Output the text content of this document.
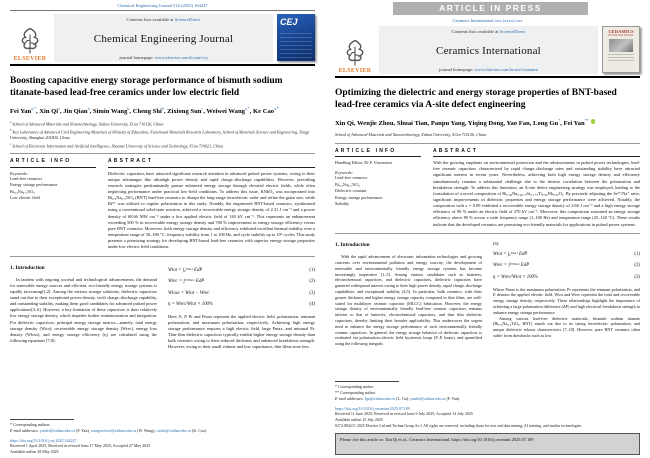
Chemical Engineering Journal 516 (2025) 164247
ELSEVIER
Contents lists available at ScienceDirect
Chemical Engineering Journal
journal homepage: www.elsevier.com/locate/cej
CEJ
Boosting capacitive energy storage performance of bismuth sodium titanate-based lead-free ceramics under low electric field
Fei Yan$^{a,*}$, Xin Qi$^a$, Jin Qian$^b$, Simin Wang$^b$, Cheng Shi$^b$, Zixiong Sun$^c$, Weiwei Wang$^{a,*}$, Ke Cao$^{a,*}$
$^a$ School of Advanced Materials and Nanotechnology, Xidian University, Xi'an 710126, China
$^b$ Key Laboratory of Advanced Civil Engineering Materials of Ministry of Education, Functional Materials Research Laboratory, School of Materials Science and Engineering, Tongji University, Shanghai 201804, China
$^c$ School of Electronic Information and Artificial Intelligence, Shaanxi University of Science and Technology, Xi'an 710021, China
ARTICLE INFO
Keywords:
Lead-free ceramics
Energy storage performance
Bi₀.₅Na₀.₅TiO₃
Low electric field
ABSTRACT
Dielectric capacitors have attracted significant research attention in advanced pulsed power systems, owing to their unique advantages like ultrahigh power density and rapid charge–discharge capabilities. However, prevailing research strategies predominantly pursue enhanced energy storage through elevated electric fields, while often neglecting performance under practical low-field conditions. To address this issue, KNbO₃ was incorporated into Bi₀.₅Na₀.₅TiO₃ (BNT) lead-free ceramics to disrupt the long-range ferroelectric order and refine the grain size, while Bi³⁺ was utilized to regular polarization in this study. Notably, the engineered BNT-based ceramics, synthesized using a conventional solid-state reaction, achieved a recoverable energy storage density of 2.31 J cm⁻³ and a power density of 68.66 MW cm⁻³ under a low applied electric field of 140 kV cm⁻¹. This represents an enhancement exceeding 500 % in recoverable energy storage density and 700 % improvement in energy storage efficiency versus pure BNT ceramics. Moreover, both energy storage density and efficiency exhibited excellent thermal stability over a temperature range of 30–180 °C, frequency stability from 1 to 100 Hz, and cycle stability up to 10⁵ cycles. This study presents a promising strategy for developing BNT-based lead-free ceramics with superior energy storage properties under low electric field conditions.
1. Introduction
In tandem with ongoing societal and technological advancements, the demand for renewable energy sources and efficient, eco-friendly energy storage systems is rapidly increasing[1,2]. Among the various storage solutions, dielectric capacitors stand out due to their exceptional power density, swift charge–discharge capability, and outstanding stability, making them good candidates for advanced pulsed power applications[3–6]. However, a key limitation of these capacitors is their relatively low energy storage density, which impedes further miniaturization and integration. For dielectric capacitors, principal energy storage metrics—namely, total energy storage density (Wtot), recoverable energy storage density (Wrec), energy loss density (Wloss), and energy storage efficiency (η) are calculated using the following equations [7,8]:
Wtot = ∫₀ᴾᵐᵃˣ EdP	(1)
Wrec = ∫ᴾʳᴾᵐᵃˣ EdP	(2)
Wloss = Wtot − Wrec	(3)
η = Wrec/Wtot × 100%	(4)
Here, E, P, Pr and Pmax represent the applied electric field, polarization, remnant polarization, and maximum polarization, respectively. Achieving high energy storage performance requires a high electric field, large Pmax, and minimal Pr. Thin-film dielectric capacitors typically exhibit higher energy storage density than bulk ceramics owing to their reduced thickness and enhanced breakdown strength. However, owing to their small volume and low capacitance, thin films store less
* Corresponding authors.
E-mail addresses: yanfei@xidian.edu.cn (F. Yan), wangweiwei@xidian.edu.cn (W. Wang), caoke@xidian.edu.cn (K. Cao).
https://doi.org/10.1016/j.cej.2025.164247
Received 1 April 2025; Received in revised form 17 May 2025; Accepted 27 May 2025
Available online 28 May 2025
ARTICLE IN PRESS
Ceramics International xxx (xxxx) xxx
ELSEVIER
Contents lists available at ScienceDirect
Ceramics International
journal homepage: www.elsevier.com/locate/ceramint
CERAMICS
INTERNATIONAL
Optimizing the dielectric and energy storage properties of BNT-based lead-free ceramics via A-site defect engineering
Xin Qi, Wenjie Zhou, Shuai Tian, Panpu Yang, Yiqing Dong, Yao Fan, Long Gu*, Fei Yan**
School of Advanced Materials and Nanotechnology, Xidian University, Xi'an 710126, China
ARTICLE INFO
Handling Editor: Dr P. Vincenzini
Keywords:
Lead-free ceramics
Bi₀.₅Na₀.₅TiO₃
Dielectric constant
Energy storage performance
Stability
ABSTRACT
With the growing emphasis on environmental protection and the advancements in pulsed power technologies, lead-free ceramic capacitors characterized by rapid charge–discharge rates and outstanding stability have attracted significant interest in recent years. Nevertheless, achieving both high energy storage density and efficiency simultaneously remains a substantial challenge due to the inverse correlation between the polarization and breakdown strength. To address this limitation, an A-site defect engineering strategy was employed, leading to the formulation of a novel composition of Bi₀.₄₈Na₀.₄₈₋ₓSr₀.₁₊ₓTi₀.₉₈Nb₀.₀₂O₃. By precisely adjusting the Sr²⁺/Na⁺ ratio, significant improvements in dielectric properties and energy storage performance were achieved. Notably, the composition with x = 0.09 exhibited a recoverable energy storage density of 2.66 J cm⁻³ and a high energy storage efficiency of 90 % under an electric field of 270 kV cm⁻¹. Moreover, this composition sustained an energy storage efficiency above 80 % across a wide frequency range (1–100 Hz) and temperature range (25–120 °C). These results indicate that the developed ceramics are promising eco-friendly materials for applications in pulsed power systems.
1. Introduction
With the rapid advancement of electronic information technologies and growing concerns over environmental pollution and energy scarcity, the development of renewable and environmentally friendly energy storage systems has become increasingly imperative [1–3]. Among various candidates such as batteries, electrochemical capacitors, and dielectric capacitors, dielectric capacitors have garnered widespread interest owing to their high power density, rapid charge–discharge capabilities, and exceptional stability [4,5]. In particular, bulk ceramics, with their greater thickness and higher energy storage capacity compared to thin films, are well-suited for multilayer ceramic capacitor (MLCC) fabrication. However, the energy storage density of environmentally friendly lead-free ceramic capacitors remains inferior to that of batteries, electrochemical capacitors, and thin film dielectric capacitors, thereby limiting their broader applicability. This underscores the urgent need to enhance the energy storage performance of such environmentally friendly ceramic capacitors. In general, the energy storage behavior of dielectric capacitors is evaluated via polarization–electric field hysteresis loops (P–E loops), and quantified using the following integrals
[6]:
Wtot = ∫₀ᴾᵐᵃˣ EdP	(1)
Wrec = ∫ᴾʳᴾᵐᵃˣ EdP	(2)
η = Wrec/Wtot × 100%	(3)
Where Pmax is the maximum polarization, Pr represents the remnant polarization, and E denotes the applied electric field. Wtot and Wrec represent the total and recoverable energy storage density, respectively. These relationships highlight the importance of achieving a large polarization difference (ΔP) and high electrical breakdown strength to enhance energy storage performance.
Among various lead-free dielectric materials, bismuth sodium titanate (Bi₀.₅Na₀.₅TiO₃, BNT) stands out due to its strong ferroelectric polarization, and unique dielectric relaxor characteristics [7–10]. However, pure BNT ceramics often suffer from drawbacks such as low
* Corresponding author.
** Corresponding author.
E-mail addresses: lgu@xidian.edu.cn (L. Gu), yanfei@xidian.edu.cn (F. Yan).
https://doi.org/10.1016/j.ceramint.2025.07.189
Received 11 June 2025; Received in revised form 9 July 2025; Accepted 14 July 2025
Available online 15 July 2025
0272-8842/© 2025 Elsevier Ltd and Techna Group S.r.l. All rights are reserved, including those for text and data mining, AI training, and similar technologies.
Please cite this article as: Xin Qi et al., Ceramics International, https://doi.org/10.1016/j.ceramint.2025.07.189
